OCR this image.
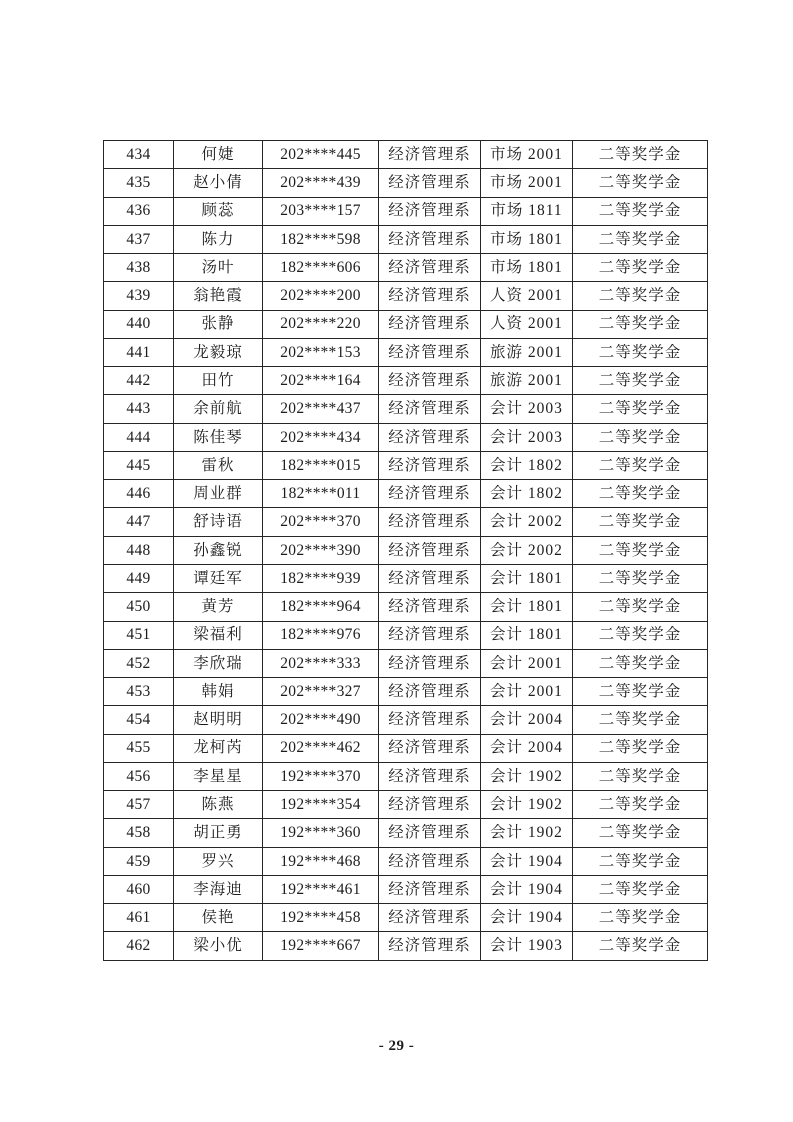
434	何婕	202****445	经济管理系	市场 2001	二等奖学金
435	赵小倩	202****439	经济管理系	市场 2001	二等奖学金
436	顾蕊	203****157	经济管理系	市场 1811	二等奖学金
437	陈力	182****598	经济管理系	市场 1801	二等奖学金
438	汤叶	182****606	经济管理系	市场 1801	二等奖学金
439	翁艳霞	202****200	经济管理系	人资 2001	二等奖学金
440	张静	202****220	经济管理系	人资 2001	二等奖学金
441	龙毅琼	202****153	经济管理系	旅游 2001	二等奖学金
442	田竹	202****164	经济管理系	旅游 2001	二等奖学金
443	余前航	202****437	经济管理系	会计 2003	二等奖学金
444	陈佳琴	202****434	经济管理系	会计 2003	二等奖学金
445	雷秋	182****015	经济管理系	会计 1802	二等奖学金
446	周业群	182****011	经济管理系	会计 1802	二等奖学金
447	舒诗语	202****370	经济管理系	会计 2002	二等奖学金
448	孙鑫锐	202****390	经济管理系	会计 2002	二等奖学金
449	谭廷军	182****939	经济管理系	会计 1801	二等奖学金
450	黄芳	182****964	经济管理系	会计 1801	二等奖学金
451	梁福利	182****976	经济管理系	会计 1801	二等奖学金
452	李欣瑞	202****333	经济管理系	会计 2001	二等奖学金
453	韩娟	202****327	经济管理系	会计 2001	二等奖学金
454	赵明明	202****490	经济管理系	会计 2004	二等奖学金
455	龙柯芮	202****462	经济管理系	会计 2004	二等奖学金
456	李星星	192****370	经济管理系	会计 1902	二等奖学金
457	陈燕	192****354	经济管理系	会计 1902	二等奖学金
458	胡正勇	192****360	经济管理系	会计 1902	二等奖学金
459	罗兴	192****468	经济管理系	会计 1904	二等奖学金
460	李海迪	192****461	经济管理系	会计 1904	二等奖学金
461	侯艳	192****458	经济管理系	会计 1904	二等奖学金
462	梁小优	192****667	经济管理系	会计 1903	二等奖学金
- 29 -
